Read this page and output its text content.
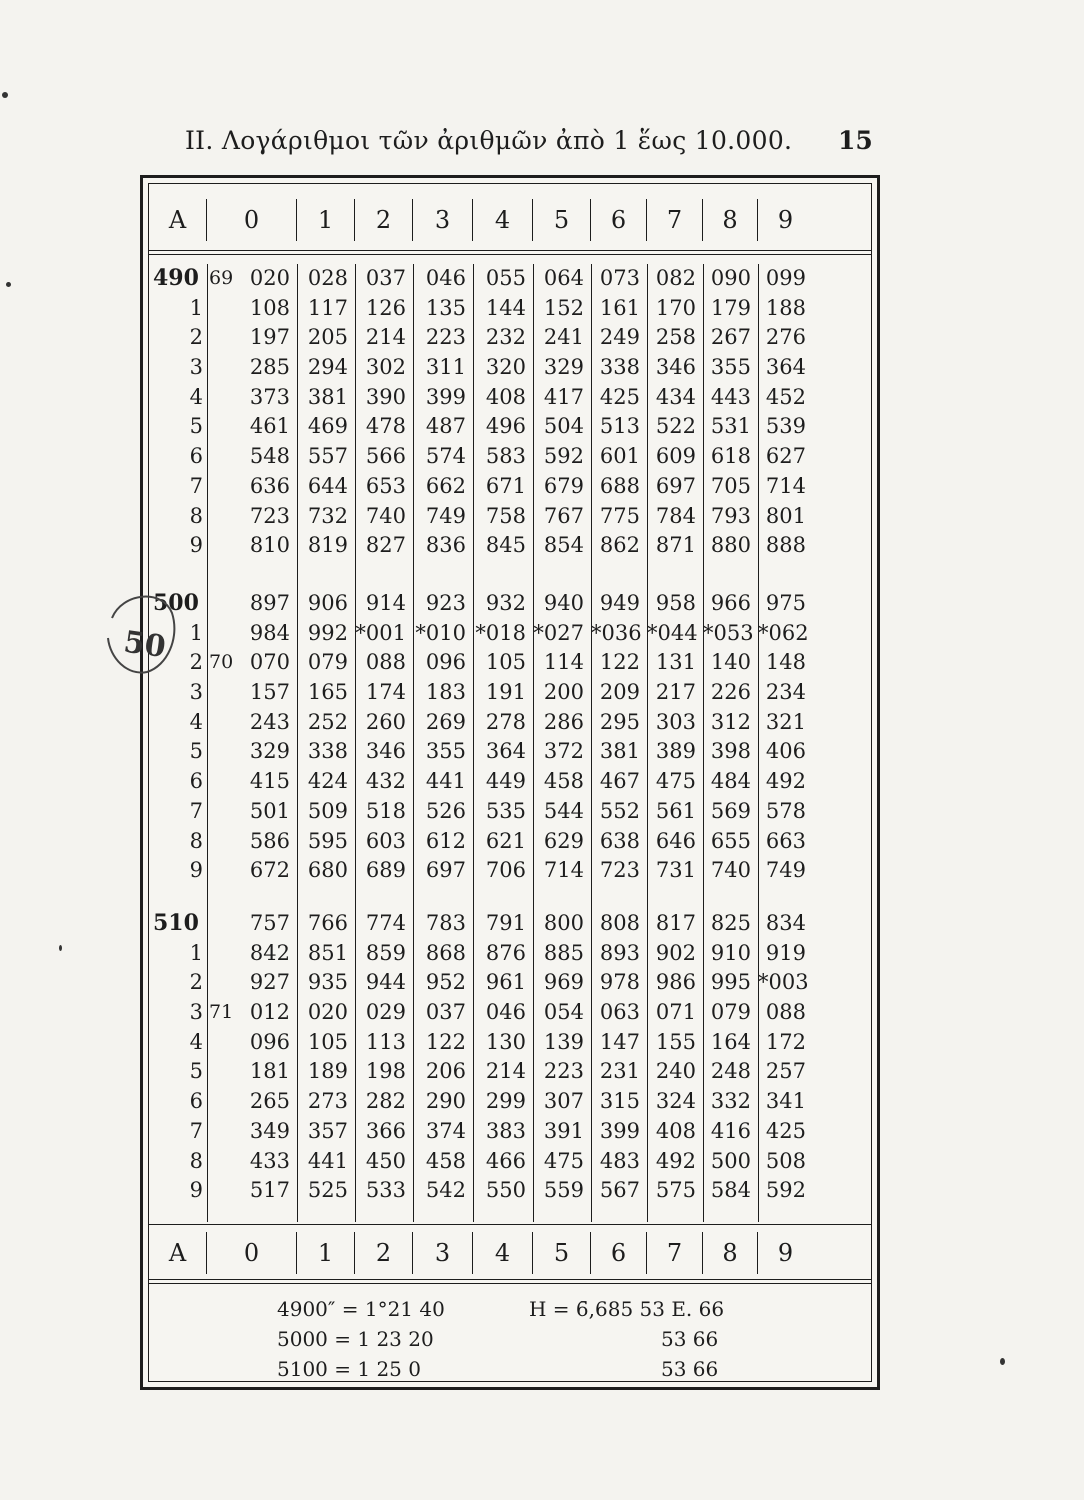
II. Λογάριθμοι τῶν ἀριθμῶν ἀπὸ 1 ἕως 10.000.	15
A	0	1	2	3	4	5	6	7	8	9
490 69 020 028 037 046 055 064 073 082 090 099
1	108 117 126 135 144 152 161 170 179 188
2	197 205 214 223 232 241 249 258 267 276
3	285 294 302 311 320 329 338 346 355 364
4	373 381 390 399 408 417 425 434 443 452
5	461 469 478 487 496 504 513 522 531 539
6	548 557 566 574 583 592 601 609 618 627
7	636 644 653 662 671 679 688 697 705 714
8	723 732 740 749 758 767 775 784 793 801
9	810 819 827 836 845 854 862 871 880 888
500	897 906 914 923 932 940 949 958 966 975
1	984 992 *001 *010 *018 *027 *036 *044 *053 *062
2 70 070 079 088 096 105 114 122 131 140 148
3	157 165 174 183 191 200 209 217 226 234
4	243 252 260 269 278 286 295 303 312 321
5	329 338 346 355 364 372 381 389 398 406
6	415 424 432 441 449 458 467 475 484 492
7	501 509 518 526 535 544 552 561 569 578
8	586 595 603 612 621 629 638 646 655 663
9	672 680 689 697 706 714 723 731 740 749
510	757 766 774 783 791 800 808 817 825 834
1	842 851 859 868 876 885 893 902 910 919
2	927 935 944 952 961 969 978 986 995 *003
3 71 012 020 029 037 046 054 063 071 079 088
4	096 105 113 122 130 139 147 155 164 172
5	181 189 198 206 214 223 231 240 248 257
6	265 273 282 290 299 307 315 324 332 341
7	349 357 366 374 383 391 399 408 416 425
8	433 441 450 458 466 475 483 492 500 508
9	517 525 533 542 550 559 567 575 584 592
A	0	1	2	3	4	5	6	7	8	9
4900″ = 1°21 40	H = 6̄,685 53 E. 66
5000 = 1 23 20	53 66
5100 = 1 25 0	53 66
50
